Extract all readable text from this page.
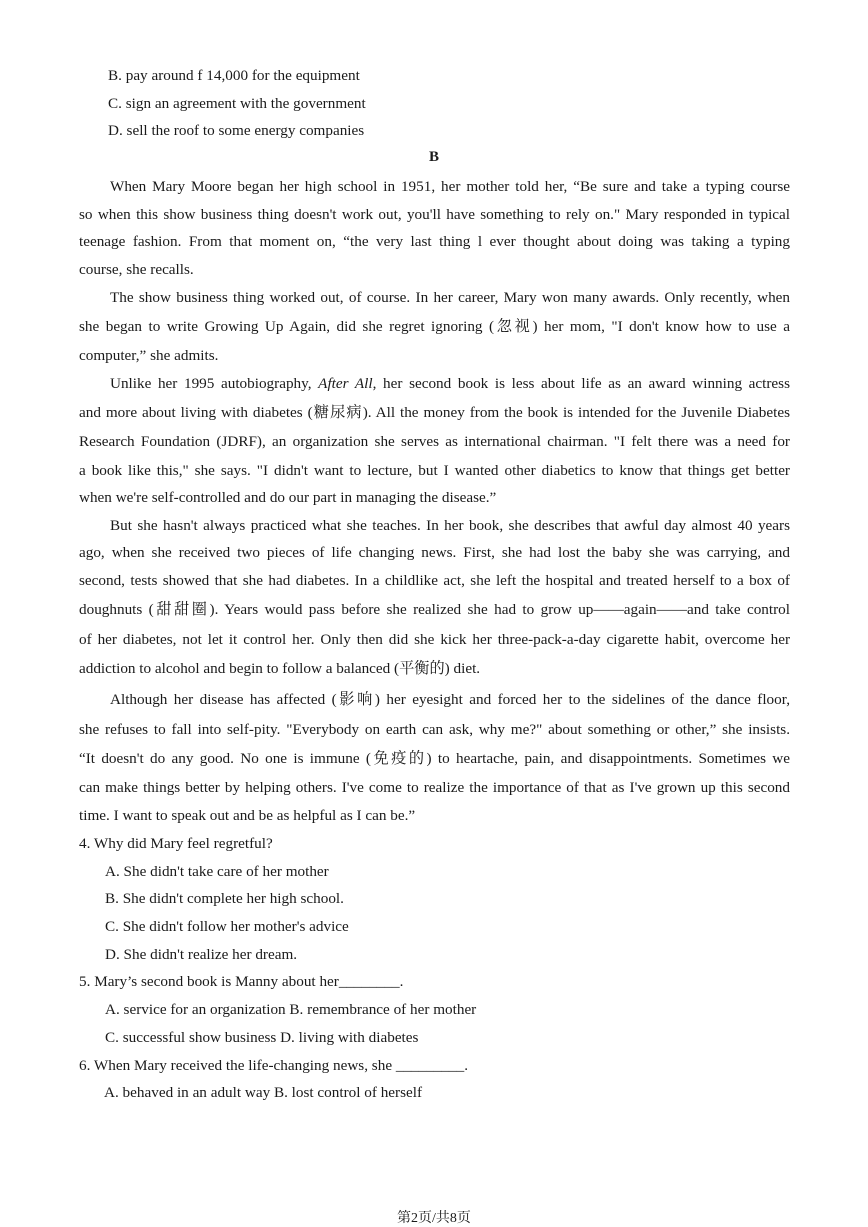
B. pay around f 14,000 for the equipment
C. sign an agreement with the government
D. sell the roof to some energy companies
B
When Mary Moore began her high school in 1951, her mother told her, “Be sure and take a typing course
so when this show business thing doesn't work out, you'll have something to rely on." Mary responded in typical
teenage fashion. From that moment on, “the very last thing l ever thought about doing was taking a typing
course, she recalls.
The show business thing worked out, of course. In her career, Mary won many awards. Only recently, when
she began to write Growing Up Again, did she regret ignoring (忽视) her mom, "I don't know how to use a
computer,” she admits.
Unlike her 1995 autobiography, After All, her second book is less about life as an award winning actress
and more about living with diabetes (糖尿病). All the money from the book is intended for the Juvenile Diabetes
Research Foundation (JDRF), an organization she serves as international chairman. "I felt there was a need for
a book like this," she says. "I didn't want to lecture, but I wanted other diabetics to know that things get better
when we're self-controlled and do our part in managing the disease.”
But she hasn't always practiced what she teaches. In her book, she describes that awful day almost 40 years
ago, when she received two pieces of life changing news. First, she had lost the baby she was carrying, and
second, tests showed that she had diabetes. In a childlike act, she left the hospital and treated herself to a box of
doughnuts (甜甜圈). Years would pass before she realized she had to grow up——again——and take control
of her diabetes, not let it control her. Only then did she kick her three-pack-a-day cigarette habit, overcome her
addiction to alcohol and begin to follow a balanced (平衡的) diet.
Although her disease has affected (影响) her eyesight and forced her to the sidelines of the dance floor,
she refuses to fall into self-pity. "Everybody on earth can ask, why me?" about something or other,” she insists.
“It doesn't do any good. No one is immune (免疫的) to heartache, pain, and disappointments. Sometimes we
can make things better by helping others. I've come to realize the importance of that as I've grown up this second
time. I want to speak out and be as helpful as I can be.”
4. Why did Mary feel regretful?
A. She didn't take care of her mother
B. She didn't complete her high school.
C. She didn't follow her mother's advice
D. She didn't realize her dream.
5. Mary’s second book is Manny about her________.
A. service for an organization B. remembrance of her mother
C. successful show business D. living with diabetes
6. When Mary received the life-changing news, she _________.
A. behaved in an adult way B. lost control of herself
第2页/共8页
